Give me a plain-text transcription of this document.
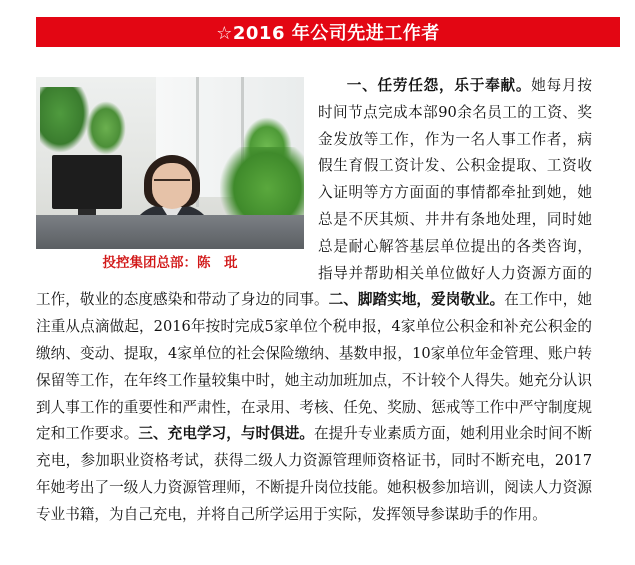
☆2016 年公司先进工作者
投控集团总部：陈　玭
一、任劳任怨，乐于奉献。她每月按时间节点完成本部90余名员工的工资、奖金发放等工作，作为一名人事工作者，病假生育假工资计发、公积金提取、工资收入证明等方方面面的事情都牵扯到她，她总是不厌其烦、井井有条地处理，同时她总是耐心解答基层单位提出的各类咨询，指导并帮助相关单位做好人力资源方面的工作，敬业的态度感染和带动了身边的同事。二、脚踏实地，爱岗敬业。在工作中，她注重从点滴做起，2016年按时完成5家单位个税申报，4家单位公积金和补充公积金的缴纳、变动、提取，4家单位的社会保险缴纳、基数申报，10家单位年金管理、账户转保留等工作，在年终工作量较集中时，她主动加班加点，不计较个人得失。她充分认识到人事工作的重要性和严肃性，在录用、考核、任免、奖励、惩戒等工作中严守制度规定和工作要求。三、充电学习，与时俱进。在提升专业素质方面，她利用业余时间不断充电，参加职业资格考试，获得二级人力资源管理师资格证书，同时不断充电，2017年她考出了一级人力资源管理师，不断提升岗位技能。她积极参加培训，阅读人力资源专业书籍，为自己充电，并将自己所学运用于实际，发挥领导参谋助手的作用。
